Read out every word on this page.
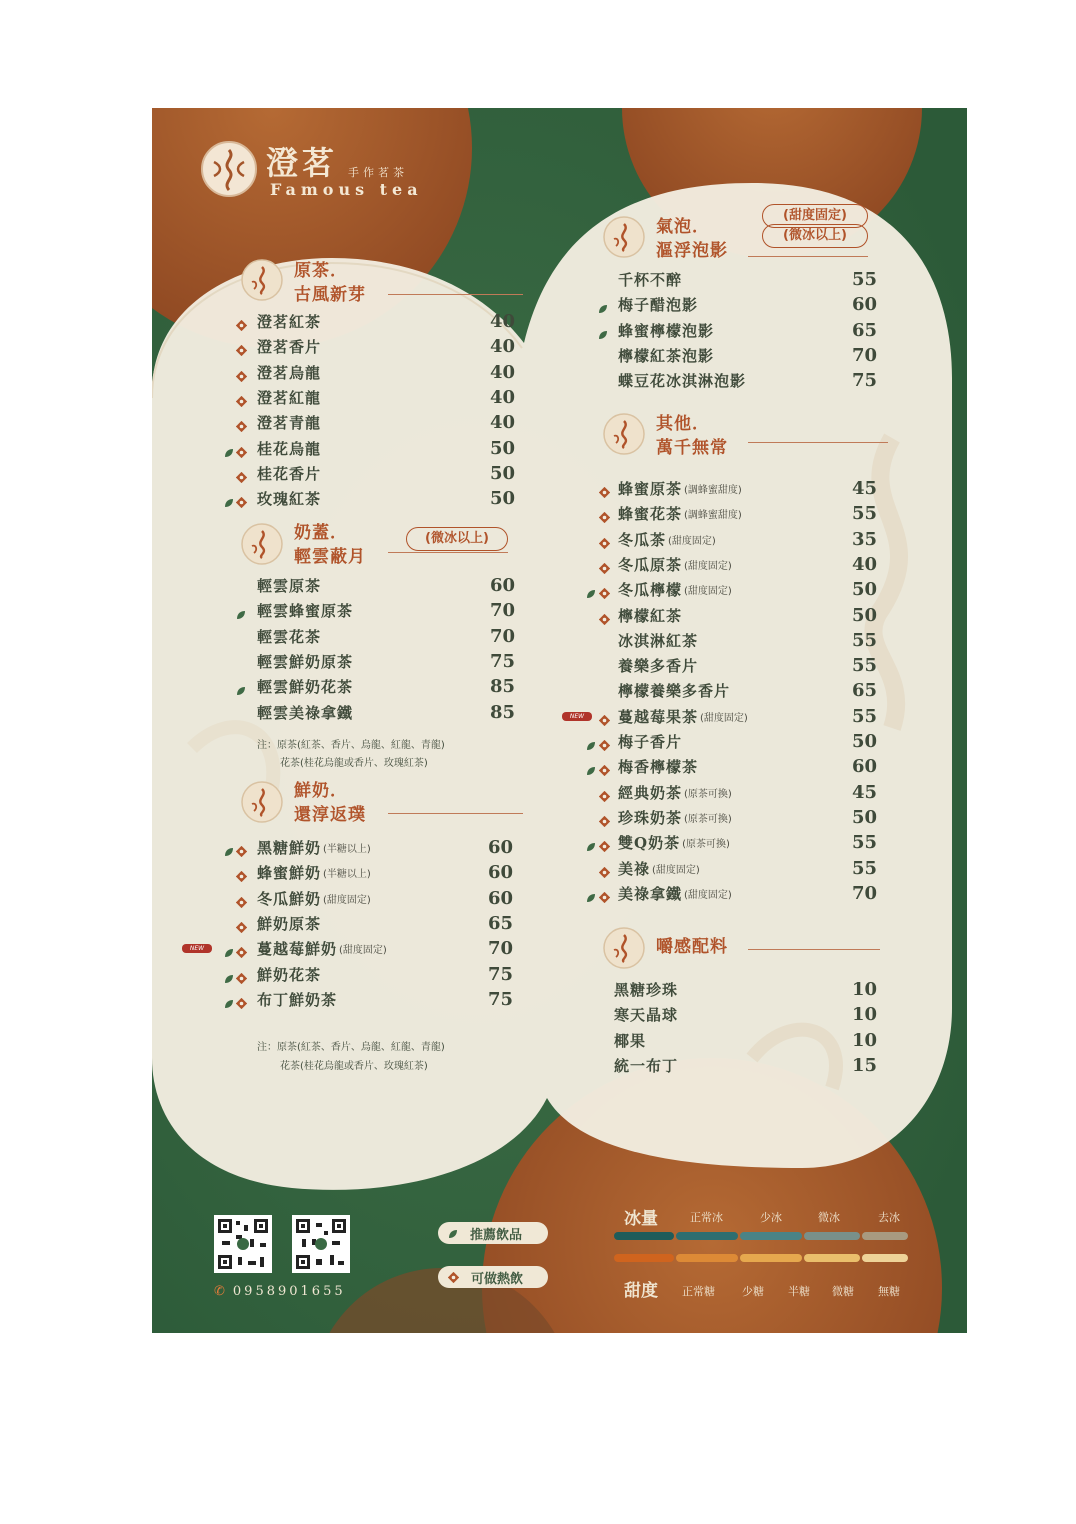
澄茗 手作茗茶
Famous tea
✆ 0958901655
推薦飲品
可做熱飲
冰量	正常冰	少冰	微冰	去冰
甜度 正常糖 少糖 半糖 微糖 無糖
原茶．
古風新芽
澄茗紅茶	40
澄茗香片	40
澄茗烏龍	40
澄茗紅龍	40
澄茗青龍	40
桂花烏龍	50
桂花香片	50
玫瑰紅茶	50
奶蓋．
輕雲蔽月
(微冰以上)
輕雲原茶	60
輕雲蜂蜜原茶	70
輕雲花茶	70
輕雲鮮奶原茶	75
輕雲鮮奶花茶	85
輕雲美祿拿鐵	85
注：原茶(紅茶、香片、烏龍、紅龍、青龍)
花茶(桂花烏龍或香片、玫瑰紅茶)
鮮奶．
還淳返璞
黑糖鮮奶 (半糖以上)	60
蜂蜜鮮奶 (半糖以上)	60
冬瓜鮮奶 (甜度固定)	60
鮮奶原茶	65
NEW	蔓越莓鮮奶 (甜度固定)	70
鮮奶花茶	75
布丁鮮奶茶	75
注：原茶(紅茶、香片、烏龍、紅龍、青龍)
花茶(桂花烏龍或香片、玫瑰紅茶)
氣泡．
漚浮泡影
(甜度固定)
(微冰以上)
千杯不醉	55
梅子醋泡影	60
蜂蜜檸檬泡影	65
檸檬紅茶泡影	70
蝶豆花冰淇淋泡影	75
其他．
萬千無常
蜂蜜原茶 (調蜂蜜甜度)	45
蜂蜜花茶 (調蜂蜜甜度)	55
冬瓜茶 (甜度固定)	35
冬瓜原茶 (甜度固定)	40
冬瓜檸檬 (甜度固定)	50
檸檬紅茶	50
冰淇淋紅茶	55
養樂多香片	55
檸檬養樂多香片	65
NEW	蔓越莓果茶 (甜度固定)	55
梅子香片	50
梅香檸檬茶	60
經典奶茶 (原茶可換)	45
珍珠奶茶 (原茶可換)	50
雙Q奶茶 (原茶可換)	55
美祿 (甜度固定)	55
美祿拿鐵 (甜度固定)	70
嚼感配料
黑糖珍珠	10
寒天晶球	10
椰果	10
統一布丁	15
